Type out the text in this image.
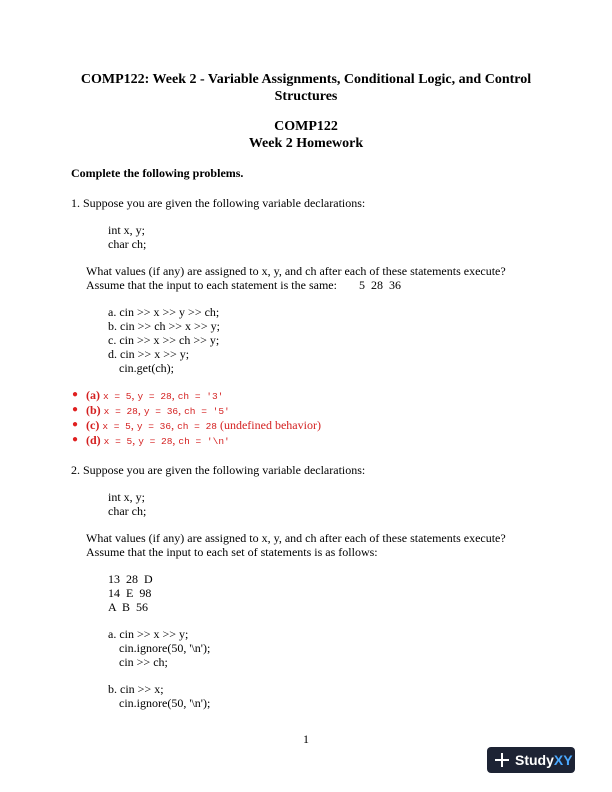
COMP122: Week 2 - Variable Assignments, Conditional Logic, and Control
Structures
COMP122
Week 2 Homework
Complete the following problems.
1. Suppose you are given the following variable declarations:
int x, y;
char ch;
What values (if any) are assigned to x, y, and ch after each of these statements execute?
Assume that the input to each statement is the same: 5  28  36
a. cin >> x >> y >> ch;
b. cin >> ch >> x >> y;
c. cin >> x >> ch >> y;
d. cin >> x >> y;
cin.get(ch);
● (a) x = 5, y = 28, ch = '3'
● (b) x = 28, y = 36, ch = '5'
● (c) x = 5, y = 36, ch = 28 (undefined behavior)
● (d) x = 5, y = 28, ch = '\n'
2. Suppose you are given the following variable declarations:
int x, y;
char ch;
What values (if any) are assigned to x, y, and ch after each of these statements execute?
Assume that the input to each set of statements is as follows:
13  28  D
14  E  98
A  B  56
a. cin >> x >> y;
cin.ignore(50, '\n');
cin >> ch;
b. cin >> x;
cin.ignore(50, '\n');
1
Study XY
